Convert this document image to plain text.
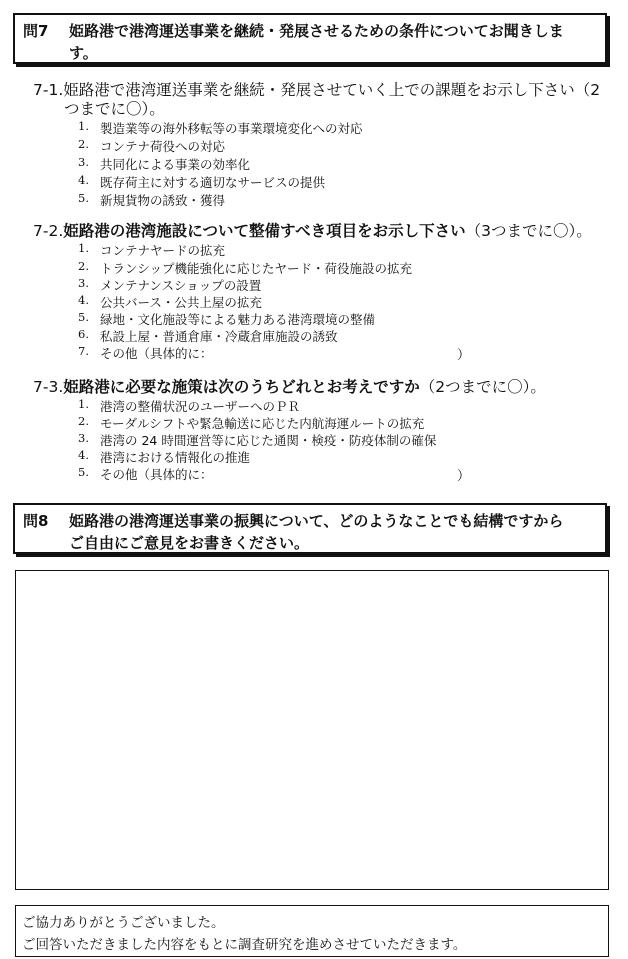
問7 姫路港で港湾運送事業を継続・発展させるための条件についてお聞きしま
す。
7-1.姫路港で港湾運送事業を継続・発展させていく上での課題をお示し下さい（2
つまでに〇）。
1. 製造業等の海外移転等の事業環境変化への対応
2. コンテナ荷役への対応
3. 共同化による事業の効率化
4. 既存荷主に対する適切なサービスの提供
5. 新規貨物の誘致・獲得
7-2.姫路港の港湾施設について整備すべき項目をお示し下さい（3つまでに〇）。
1. コンテナヤードの拡充
2. トランシップ機能強化に応じたヤード・荷役施設の拡充
3. メンテナンスショップの設置
4. 公共バース・公共上屋の拡充
5. 緑地・文化施設等による魅力ある港湾環境の整備
6. 私設上屋・普通倉庫・冷蔵倉庫施設の誘致
7. その他（具体的に：	）
7-3.姫路港に必要な施策は次のうちどれとお考えですか（2つまでに〇）。
1. 港湾の整備状況のユーザーへのＰＲ
2. モーダルシフトや緊急輸送に応じた内航海運ルートの拡充
3. 港湾の 24 時間運営等に応じた通関・検疫・防疫体制の確保
4. 港湾における情報化の推進
5. その他（具体的に：	）
問8 姫路港の港湾運送事業の振興について、どのようなことでも結構ですから
ご自由にご意見をお書きください。
ご協力ありがとうございました。
ご回答いただきました内容をもとに調査研究を進めさせていただきます。
